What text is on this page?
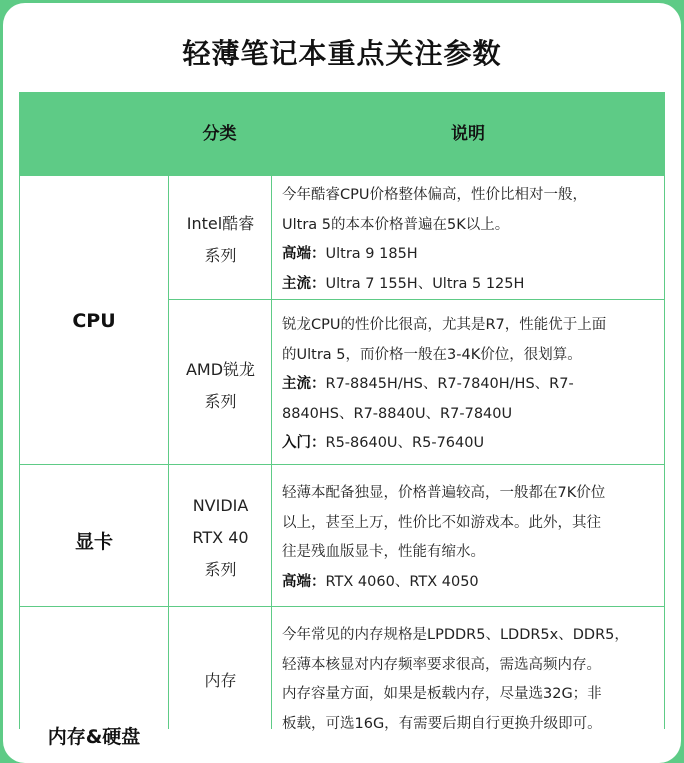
轻薄笔记本重点关注参数
分类	说明
CPU
Intel酷睿
系列

今年酷睿CPU价格整体偏高，性价比相对一般，

Ultra 5的本本价格普遍在5K以上。

高端：Ultra 9 185H

主流：Ultra 7 155H、Ultra 5 125H

AMD锐龙
系列

锐龙CPU的性价比很高，尤其是R7，性能优于上面

的Ultra 5，而价格一般在3-4K价位，很划算。

主流：R7-8845H/HS、R7-7840H/HS、R7-

8840HS、R7-8840U、R7-7840U

入门：R5-8640U、R5-7640U

显卡
NVIDIA
RTX 40
系列

轻薄本配备独显，价格普遍较高，一般都在7K价位

以上，甚至上万，性价比不如游戏本。此外，其往

往是残血版显卡，性能有缩水。

高端：RTX 4060、RTX 4050

内存&硬盘
内存

今年常见的内存规格是LPDDR5、LDDR5x、DDR5，

轻薄本核显对内存频率要求很高，需选高频内存。

内存容量方面，如果是板载内存，尽量选32G；非

板载，可选16G，有需要后期自行更换升级即可。
